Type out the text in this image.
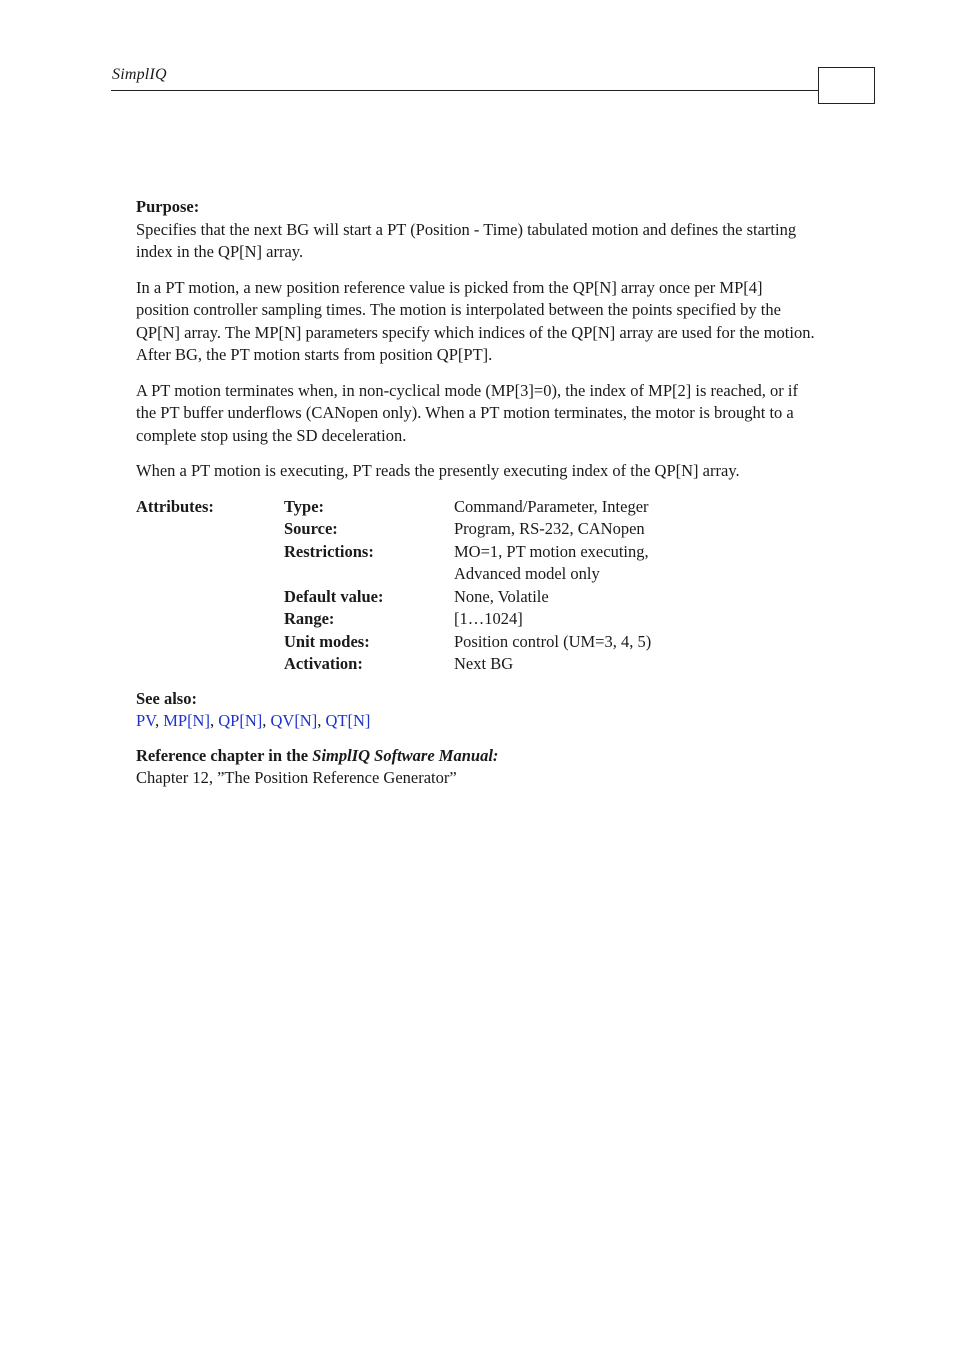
SimplIQ
Purpose:

Specifies that the next BG will start a PT (Position - Time) tabulated motion and defines the starting index in the QP[N] array.

In a PT motion, a new position reference value is picked from the QP[N] array once per MP[4] position controller sampling times. The motion is interpolated between the points specified by the QP[N] array. The MP[N] parameters specify which indices of the QP[N] array are used for the motion. After BG, the PT motion starts from position QP[PT].

A PT motion terminates when, in non-cyclical mode (MP[3]=0), the index of MP[2] is reached, or if the PT buffer underflows (CANopen only). When a PT motion terminates, the motor is brought to a complete stop using the SD deceleration.

When a PT motion is executing, PT reads the presently executing index of the QP[N] array.

Attributes:	Type:	Command/Parameter, Integer
Source:	Program, RS-232, CANopen
Restrictions:	MO=1, PT motion executing,
Advanced model only
Default value:	None, Volatile
Range:	[1…1024]
Unit modes:	Position control (UM=3, 4, 5)
Activation:	Next BG
See also:
PV, MP[N], QP[N], QV[N], QT[N]
Reference chapter in the SimplIQ Software Manual:
Chapter 12, ”The Position Reference Generator”
